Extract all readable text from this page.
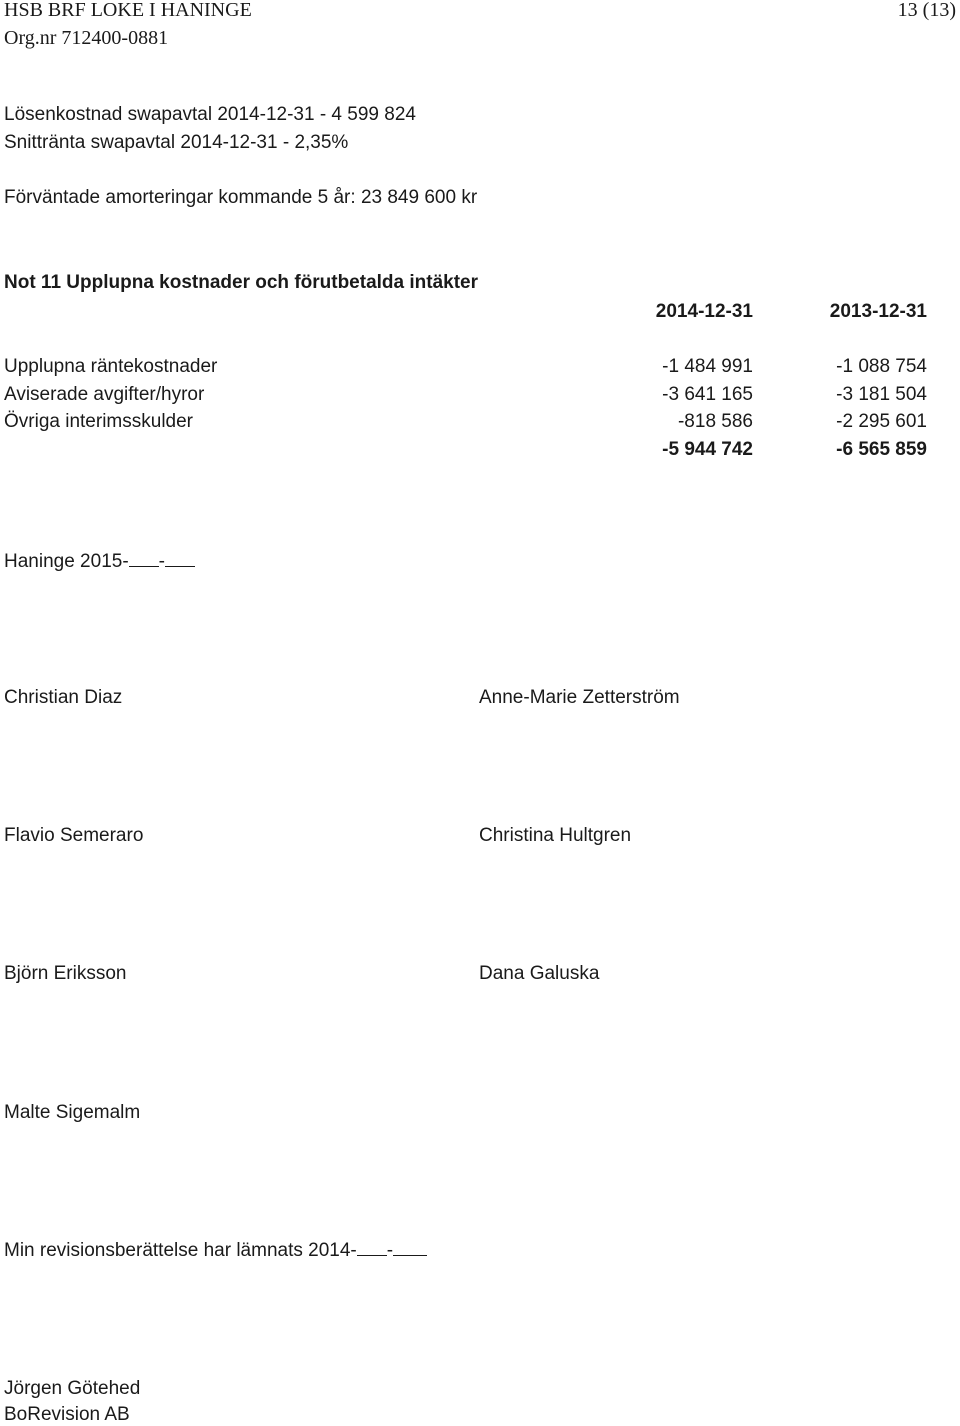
HSB BRF LOKE I HANINGE	13 (13)
Org.nr 712400-0881
Lösenkostnad swapavtal 2014-12-31 - 4 599 824
Snittränta swapavtal 2014-12-31 - 2,35%
Förväntade amorteringar kommande 5 år: 23 849 600 kr
Not 11 Upplupna kostnader och förutbetalda intäkter
2014-12-31	2013-12-31
Upplupna räntekostnader	-1 484 991	-1 088 754
Aviserade avgifter/hyror	-3 641 165	-3 181 504
Övriga interimsskulder	-818 586	-2 295 601
-5 944 742	-6 565 859
Haninge 2015- -
Christian Diaz	Anne-Marie Zetterström
Flavio Semeraro	Christina Hultgren
Björn Eriksson	Dana Galuska
Malte Sigemalm
Min revisionsberättelse har lämnats 2014- -
Jörgen Götehed
BoRevision AB
